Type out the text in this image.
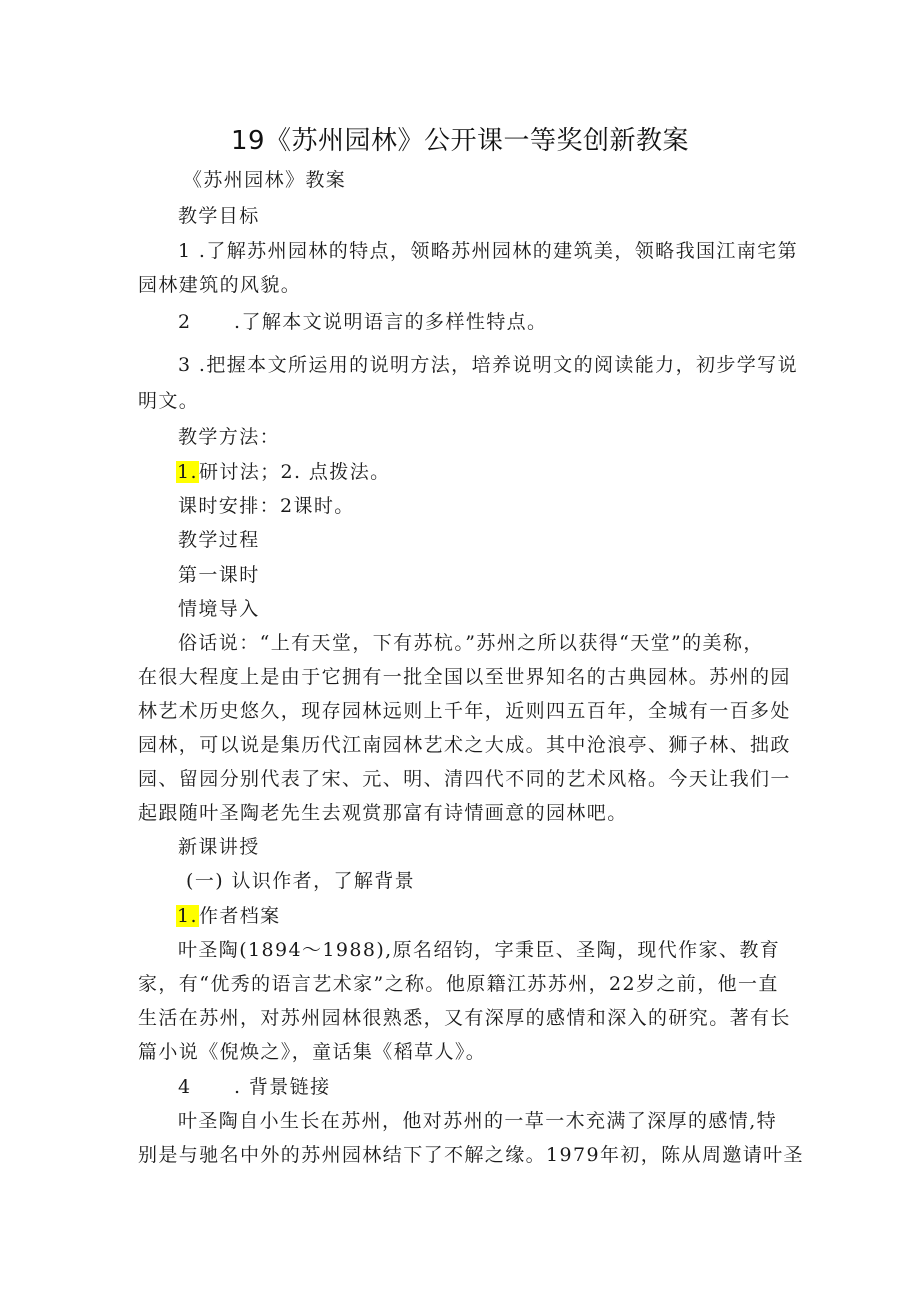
19《苏州园林》公开课一等奖创新教案
《苏州园林》教案
教学目标
1 .了解苏州园林的特点，领略苏州园林的建筑美，领略我国江南宅第
园林建筑的风貌。
2 .了解本文说明语言的多样性特点。
3 .把握本文所运用的说明方法，培养说明文的阅读能力，初步学写说
明文。
教学方法：
1.研讨法；2. 点拨法。
课时安排：2课时。
教学过程
第一课时
情境导入
俗话说：“上有天堂，下有苏杭。”苏州之所以获得“天堂”的美称，
在很大程度上是由于它拥有一批全国以至世界知名的古典园林。苏州的园
林艺术历史悠久，现存园林远则上千年，近则四五百年，全城有一百多处
园林，可以说是集历代江南园林艺术之大成。其中沧浪亭、狮子林、拙政
园、留园分别代表了宋、元、明、清四代不同的艺术风格。今天让我们一
起跟随叶圣陶老先生去观赏那富有诗情画意的园林吧。
新课讲授
(一) 认识作者，了解背景
1.作者档案
叶圣陶(1894～1988),原名绍钧，字秉臣、圣陶，现代作家、教育
家，有“优秀的语言艺术家”之称。他原籍江苏苏州，22岁之前，他一直
生活在苏州，对苏州园林很熟悉，又有深厚的感情和深入的研究。著有长
篇小说《倪焕之》，童话集《稻草人》。
4 . 背景链接
叶圣陶自小生长在苏州，他对苏州的一草一木充满了深厚的感情,特
别是与驰名中外的苏州园林结下了不解之缘。1979年初，陈从周邀请叶圣
